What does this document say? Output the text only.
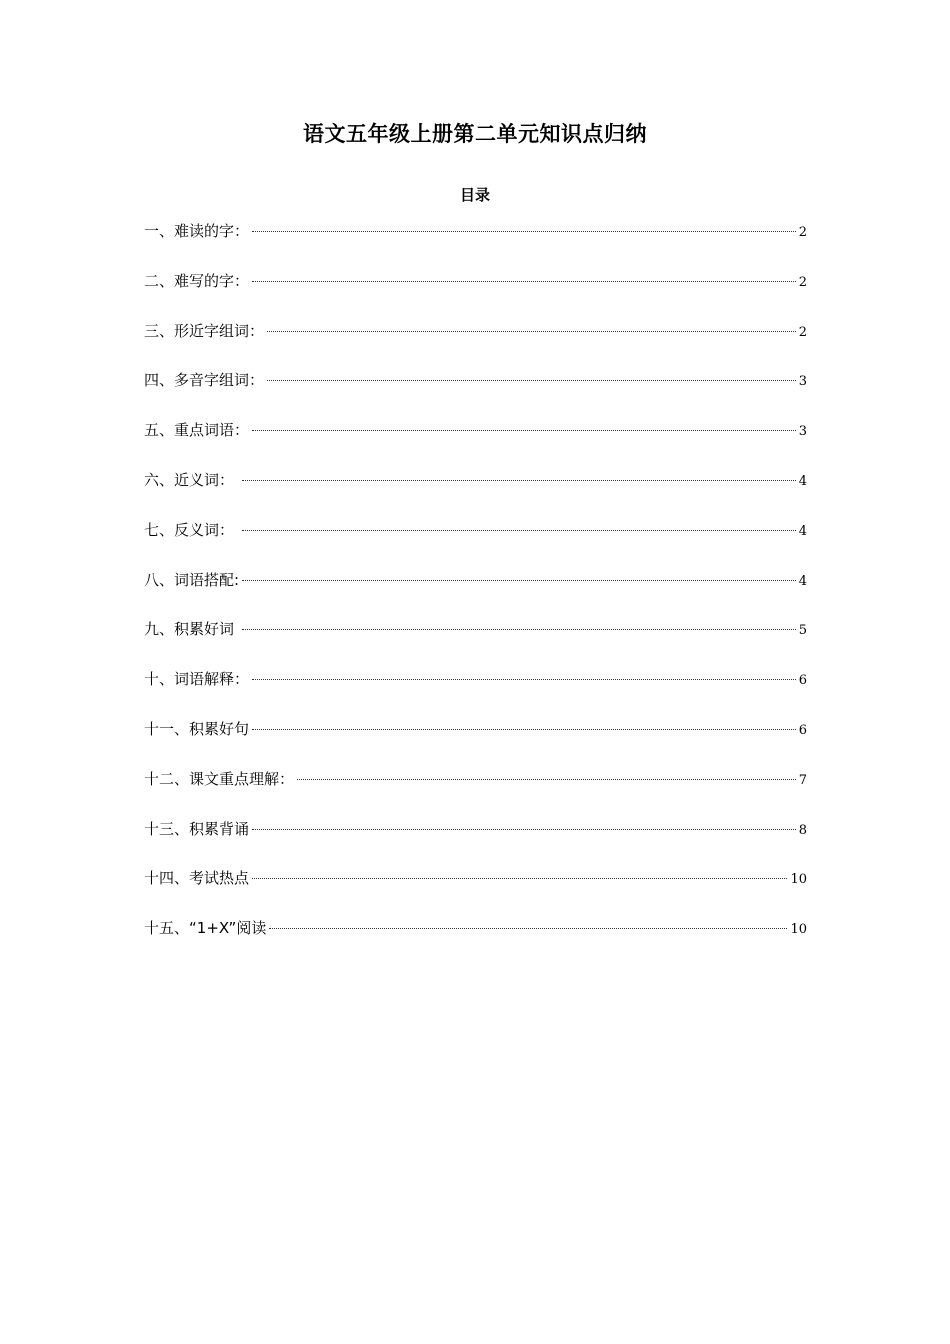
语文五年级上册第二单元知识点归纳
目录
一、难读的字：	2
二、难写的字：	2
三、形近字组词：	2
四、多音字组词：	3
五、重点词语：	3
六、近义词：	4
七、反义词：	4
八、词语搭配:	4
九、积累好词	5
十、词语解释：	6
十一、积累好句	6
十二、课文重点理解：	7
十三、积累背诵	8
十四、考试热点	10
十五、“1+X”阅读	10
